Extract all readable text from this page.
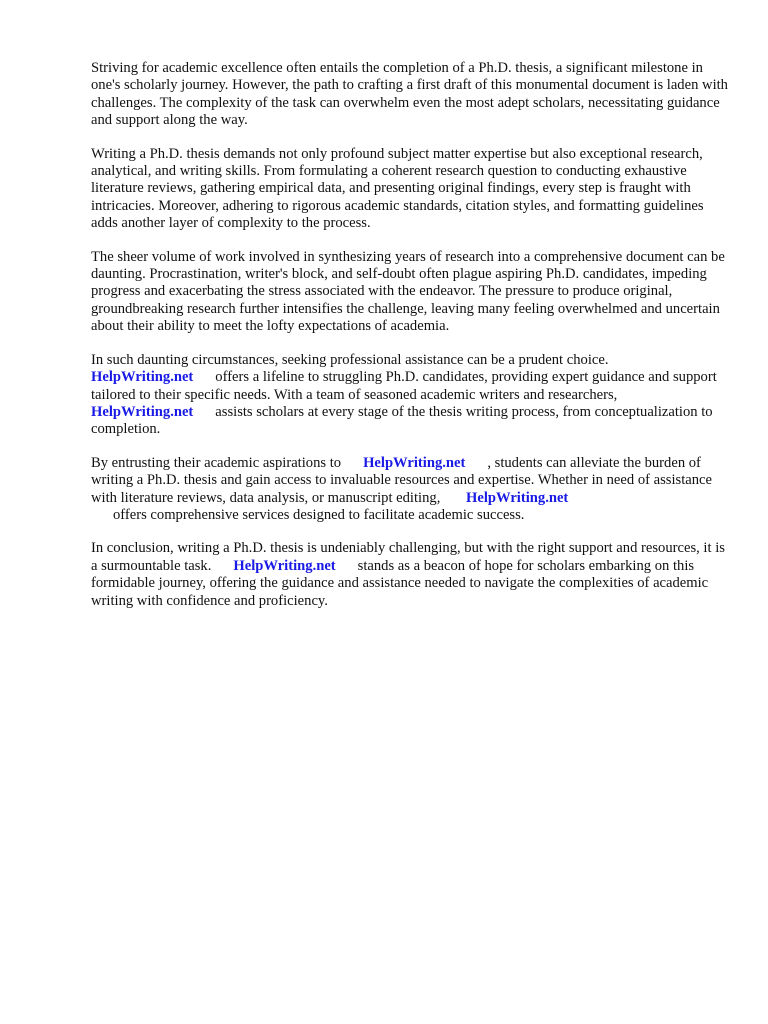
Striving for academic excellence often entails the completion of a Ph.D. thesis, a significant milestone in one's scholarly journey. However, the path to crafting a first draft of this monumental document is laden with challenges. The complexity of the task can overwhelm even the most adept scholars, necessitating guidance and support along the way.

Writing a Ph.D. thesis demands not only profound subject matter expertise but also exceptional research, analytical, and writing skills. From formulating a coherent research question to conducting exhaustive literature reviews, gathering empirical data, and presenting original findings, every step is fraught with intricacies. Moreover, adhering to rigorous academic standards, citation styles, and formatting guidelines adds another layer of complexity to the process.

The sheer volume of work involved in synthesizing years of research into a comprehensive document can be daunting. Procrastination, writer's block, and self-doubt often plague aspiring Ph.D. candidates, impeding progress and exacerbating the stress associated with the endeavor. The pressure to produce original, groundbreaking research further intensifies the challenge, leaving many feeling overwhelmed and uncertain about their ability to meet the lofty expectations of academia.

In such daunting circumstances, seeking professional assistance can be a prudent choice.
HelpWriting.net offers a lifeline to struggling Ph.D. candidates, providing expert guidance and support tailored to their specific needs. With a team of seasoned academic writers and researchers,
HelpWriting.net assists scholars at every stage of the thesis writing process, from conceptualization to completion.

By entrusting their academic aspirations to HelpWriting.net , students can alleviate the burden of writing a Ph.D. thesis and gain access to invaluable resources and expertise. Whether in need of assistance with literature reviews, data analysis, or manuscript editing, HelpWriting.net
offers comprehensive services designed to facilitate academic success.

In conclusion, writing a Ph.D. thesis is undeniably challenging, but with the right support and resources, it is a surmountable task. HelpWriting.net stands as a beacon of hope for scholars embarking on this formidable journey, offering the guidance and assistance needed to navigate the complexities of academic writing with confidence and proficiency.
